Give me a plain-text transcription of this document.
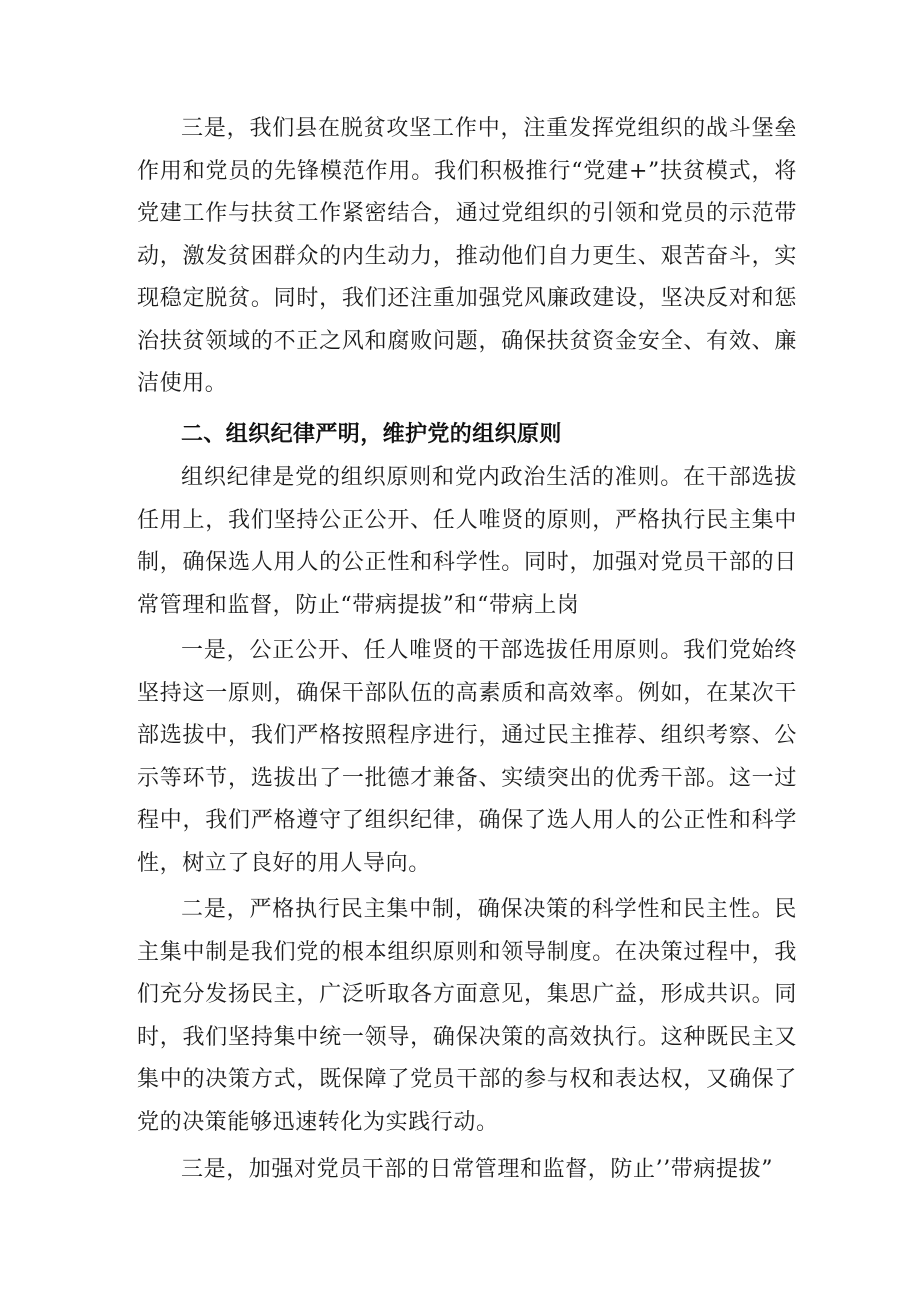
三是，我们县在脱贫攻坚工作中，注重发挥党组织的战斗堡垒作用和党员的先锋模范作用。我们积极推行“党建+”扶贫模式，将党建工作与扶贫工作紧密结合，通过党组织的引领和党员的示范带动，激发贫困群众的内生动力，推动他们自力更生、艰苦奋斗，实现稳定脱贫。同时，我们还注重加强党风廉政建设，坚决反对和惩治扶贫领域的不正之风和腐败问题，确保扶贫资金安全、有效、廉洁使用。

二、组织纪律严明，维护党的组织原则

组织纪律是党的组织原则和党内政治生活的准则。在干部选拔任用上，我们坚持公正公开、任人唯贤的原则，严格执行民主集中制，确保选人用人的公正性和科学性。同时，加强对党员干部的日常管理和监督，防止“带病提拔”和“带病上岗

一是，公正公开、任人唯贤的干部选拔任用原则。我们党始终坚持这一原则，确保干部队伍的高素质和高效率。例如，在某次干部选拔中，我们严格按照程序进行，通过民主推荐、组织考察、公示等环节，选拔出了一批德才兼备、实绩突出的优秀干部。这一过程中，我们严格遵守了组织纪律，确保了选人用人的公正性和科学性，树立了良好的用人导向。

二是，严格执行民主集中制，确保决策的科学性和民主性。民主集中制是我们党的根本组织原则和领导制度。在决策过程中，我们充分发扬民主，广泛听取各方面意见，集思广益，形成共识。同时，我们坚持集中统一领导，确保决策的高效执行。这种既民主又集中的决策方式，既保障了党员干部的参与权和表达权，又确保了党的决策能够迅速转化为实践行动。

三是，加强对党员干部的日常管理和监督，防止’’带病提拔”
